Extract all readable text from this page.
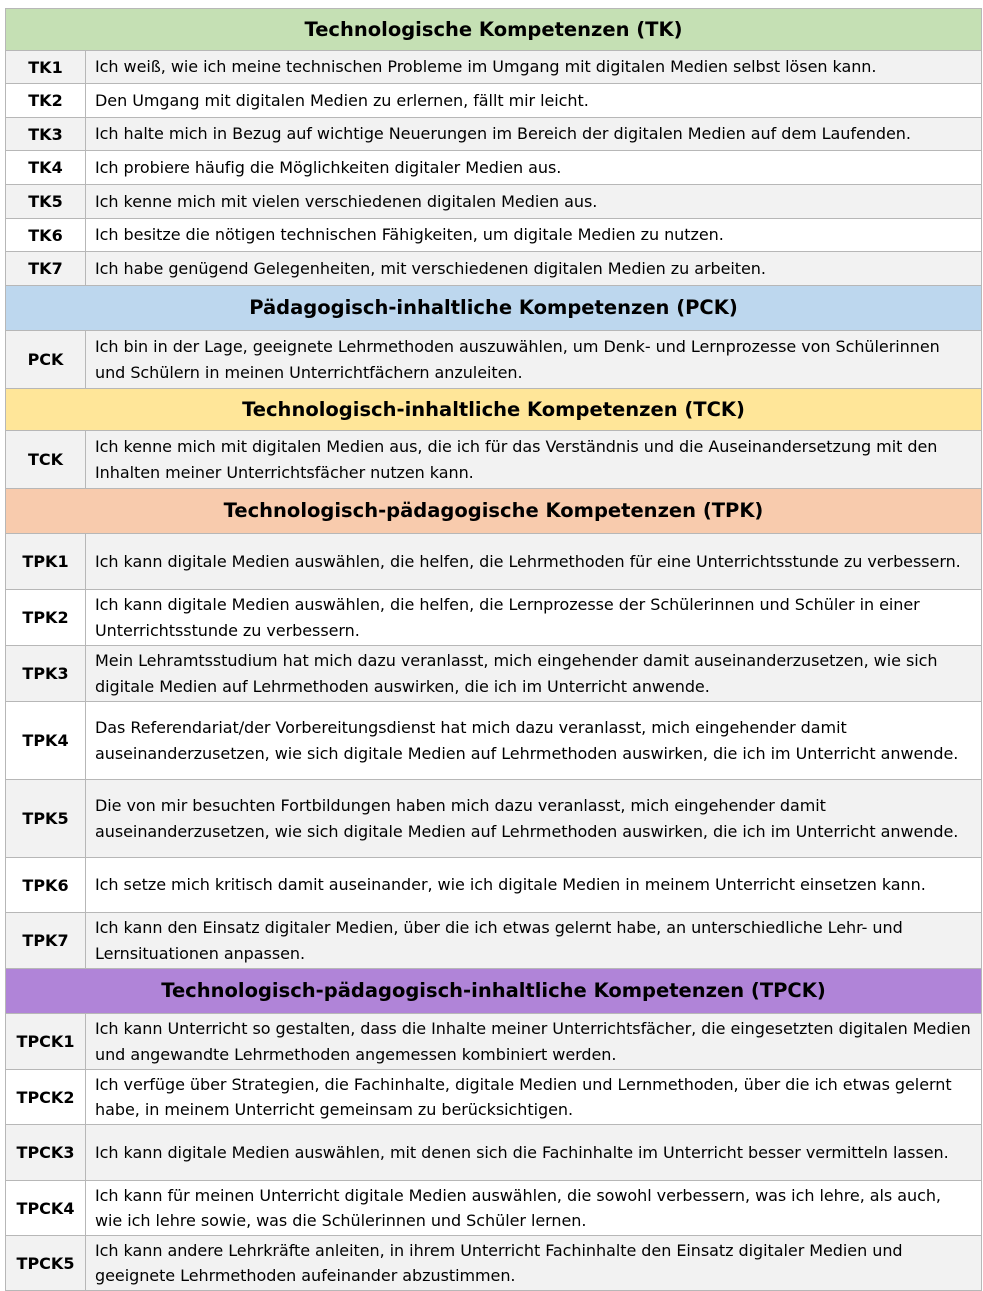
Technologische Kompetenzen (TK)	
TK1	Ich weiß, wie ich meine technischen Probleme im Umgang mit digitalen Medien selbst lösen kann.
TK2	Den Umgang mit digitalen Medien zu erlernen, fällt mir leicht.
TK3	Ich halte mich in Bezug auf wichtige Neuerungen im Bereich der digitalen Medien auf dem Laufenden.
TK4	Ich probiere häufig die Möglichkeiten digitaler Medien aus.
TK5	Ich kenne mich mit vielen verschiedenen digitalen Medien aus.
TK6	Ich besitze die nötigen technischen Fähigkeiten, um digitale Medien zu nutzen.
TK7	Ich habe genügend Gelegenheiten, mit verschiedenen digitalen Medien zu arbeiten.
Pädagogisch-inhaltliche Kompetenzen (PCK)	
PCK	Ich bin in der Lage, geeignete Lehrmethoden auszuwählen, um Denk- und Lernprozesse von Schülerinnen und Schülern in meinen Unterrichtfächern anzuleiten.
Technologisch-inhaltliche Kompetenzen (TCK)	
TCK	Ich kenne mich mit digitalen Medien aus, die ich für das Verständnis und die Auseinandersetzung mit den Inhalten meiner Unterrichtsfächer nutzen kann.
Technologisch-pädagogische Kompetenzen (TPK)	
TPK1	Ich kann digitale Medien auswählen, die helfen, die Lehrmethoden für eine Unterrichtsstunde zu verbessern.
TPK2	Ich kann digitale Medien auswählen, die helfen, die Lernprozesse der Schülerinnen und Schüler in einer Unterrichtsstunde zu verbessern.
TPK3	Mein Lehramtsstudium hat mich dazu veranlasst, mich eingehender damit auseinanderzusetzen, wie sich digitale Medien auf Lehrmethoden auswirken, die ich im Unterricht anwende.
TPK4	Das Referendariat/der Vorbereitungsdienst hat mich dazu veranlasst, mich eingehender damit auseinanderzusetzen, wie sich digitale Medien auf Lehrmethoden auswirken, die ich im Unterricht anwende.
TPK5	Die von mir besuchten Fortbildungen haben mich dazu veranlasst, mich eingehender damit auseinanderzusetzen, wie sich digitale Medien auf Lehrmethoden auswirken, die ich im Unterricht anwende.
TPK6	Ich setze mich kritisch damit auseinander, wie ich digitale Medien in meinem Unterricht einsetzen kann.
TPK7	Ich kann den Einsatz digitaler Medien, über die ich etwas gelernt habe, an unterschiedliche Lehr- und Lernsituationen anpassen.
Technologisch-pädagogisch-inhaltliche Kompetenzen (TPCK)	
TPCK1	Ich kann Unterricht so gestalten, dass die Inhalte meiner Unterrichtsfächer, die eingesetzten digitalen Medien und angewandte Lehrmethoden angemessen kombiniert werden.
TPCK2	Ich verfüge über Strategien, die Fachinhalte, digitale Medien und Lernmethoden, über die ich etwas gelernt habe, in meinem Unterricht gemeinsam zu berücksichtigen.
TPCK3	Ich kann digitale Medien auswählen, mit denen sich die Fachinhalte im Unterricht besser vermitteln lassen.
TPCK4	Ich kann für meinen Unterricht digitale Medien auswählen, die sowohl verbessern, was ich lehre, als auch, wie ich lehre sowie, was die Schülerinnen und Schüler lernen.
TPCK5	Ich kann andere Lehrkräfte anleiten, in ihrem Unterricht Fachinhalte den Einsatz digitaler Medien und geeignete Lehrmethoden aufeinander abzustimmen.
